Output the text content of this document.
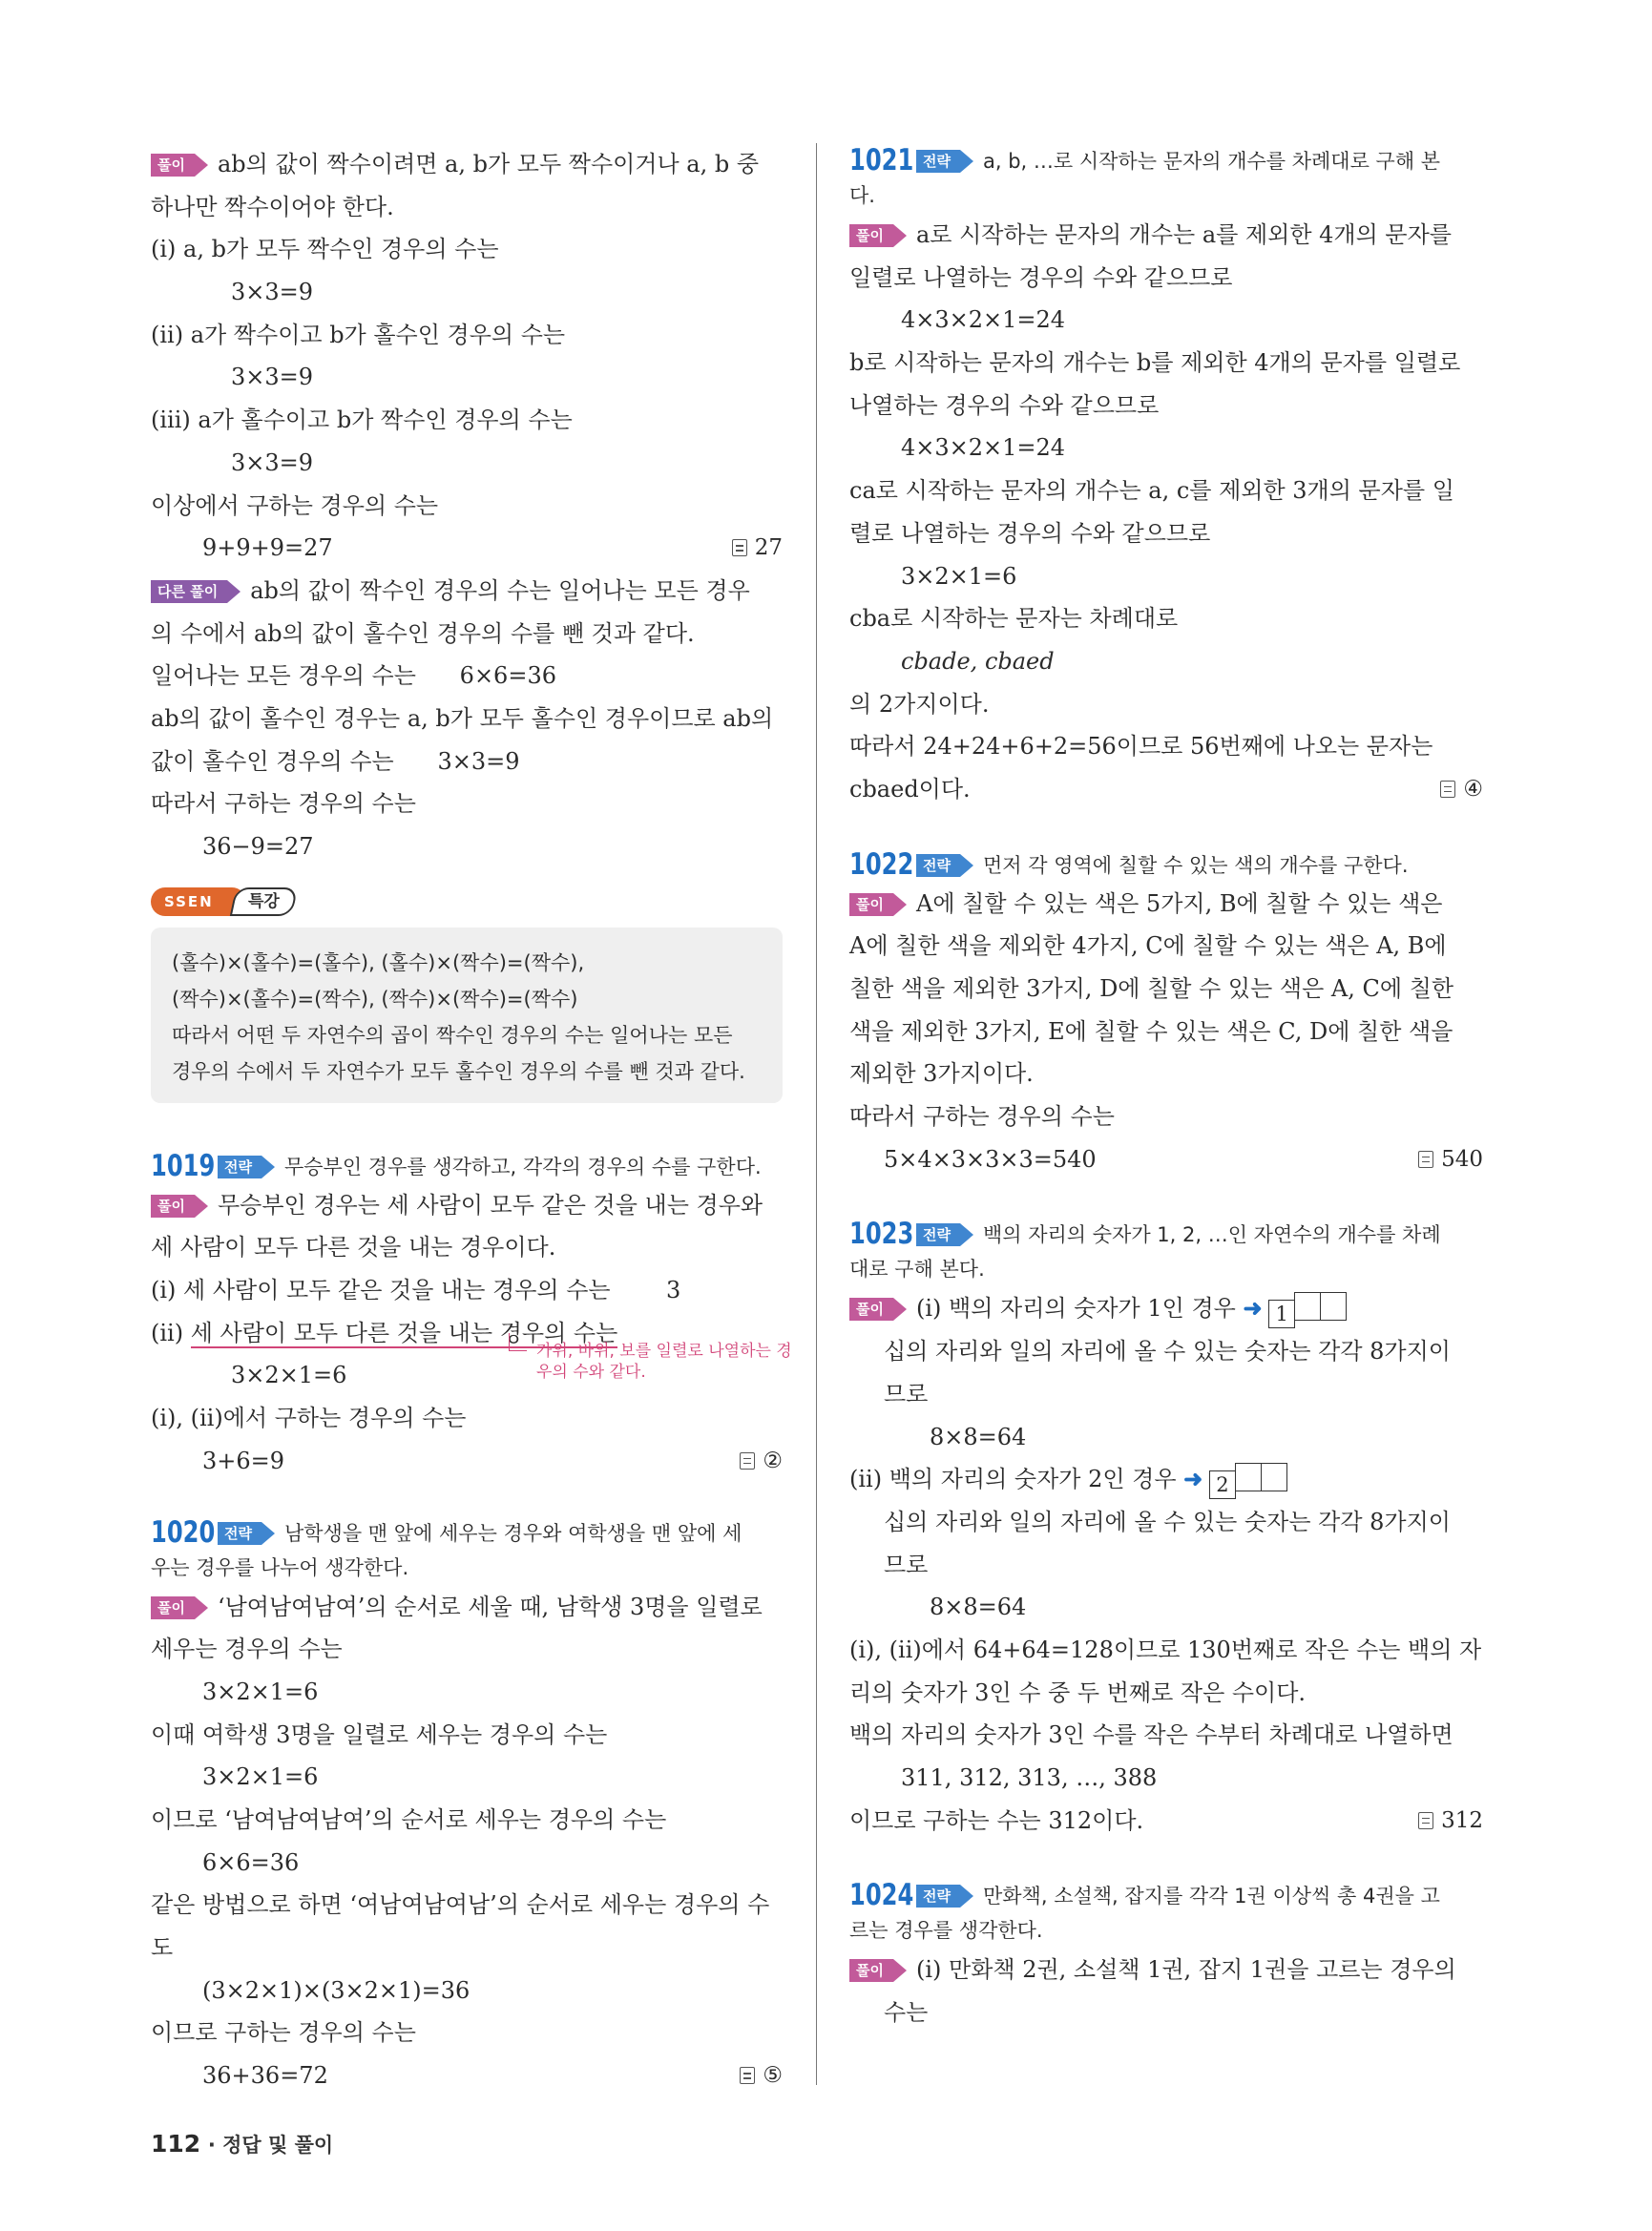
풀이 ab의 값이 짝수이려면 a, b가 모두 짝수이거나 a, b 중
하나만 짝수이어야 한다.
(ⅰ) a, b가 모두 짝수인 경우의 수는
3×3=9
(ⅱ) a가 짝수이고 b가 홀수인 경우의 수는
3×3=9
(ⅲ) a가 홀수이고 b가 짝수인 경우의 수는
3×3=9
이상에서 구하는 경우의 수는
9+9+9=27	27
다른 풀이 ab의 값이 짝수인 경우의 수는 일어나는 모든 경우
의 수에서 ab의 값이 홀수인 경우의 수를 뺀 것과 같다.
일어나는 모든 경우의 수는      6×6=36
ab의 값이 홀수인 경우는 a, b가 모두 홀수인 경우이므로 ab의
값이 홀수인 경우의 수는      3×3=9
따라서 구하는 경우의 수는
36−9=27
SSEN	특강
(홀수)×(홀수)=(홀수), (홀수)×(짝수)=(짝수),
(짝수)×(홀수)=(짝수), (짝수)×(짝수)=(짝수)
따라서 어떤 두 자연수의 곱이 짝수인 경우의 수는 일어나는 모든
경우의 수에서 두 자연수가 모두 홀수인 경우의 수를 뺀 것과 같다.
1019 전략 무승부인 경우를 생각하고, 각각의 경우의 수를 구한다.
풀이 무승부인 경우는 세 사람이 모두 같은 것을 내는 경우와
세 사람이 모두 다른 것을 내는 경우이다.
(ⅰ) 세 사람이 모두 같은 것을 내는 경우의 수는 3
(ⅱ) 세 사람이 모두 다른 것을 내는 경우의 수는
가위, 바위, 보를 일렬로 나열하는 경우의 수와 같다.
3×2×1=6
(ⅰ), (ⅱ)에서 구하는 경우의 수는
3+6=9	②
1020 전략 남학생을 맨 앞에 세우는 경우와 여학생을 맨 앞에 세
우는 경우를 나누어 생각한다.
풀이 ‘남여남여남여’의 순서로 세울 때, 남학생 3명을 일렬로
세우는 경우의 수는
3×2×1=6
이때 여학생 3명을 일렬로 세우는 경우의 수는
3×2×1=6
이므로 ‘남여남여남여’의 순서로 세우는 경우의 수는
6×6=36
같은 방법으로 하면 ‘여남여남여남’의 순서로 세우는 경우의 수
도
(3×2×1)×(3×2×1)=36
이므로 구하는 경우의 수는
36+36=72	⑤
1021 전략 a, b, …로 시작하는 문자의 개수를 차례대로 구해 본
다.
풀이 a로 시작하는 문자의 개수는 a를 제외한 4개의 문자를
일렬로 나열하는 경우의 수와 같으므로
4×3×2×1=24
b로 시작하는 문자의 개수는 b를 제외한 4개의 문자를 일렬로
나열하는 경우의 수와 같으므로
4×3×2×1=24
ca로 시작하는 문자의 개수는 a, c를 제외한 3개의 문자를 일
렬로 나열하는 경우의 수와 같으므로
3×2×1=6
cba로 시작하는 문자는 차례대로
cbade, cbaed
의 2가지이다.
따라서 24+24+6+2=56이므로 56번째에 나오는 문자는
cbaed이다.	④
1022 전략 먼저 각 영역에 칠할 수 있는 색의 개수를 구한다.
풀이 A에 칠할 수 있는 색은 5가지, B에 칠할 수 있는 색은
A에 칠한 색을 제외한 4가지, C에 칠할 수 있는 색은 A, B에
칠한 색을 제외한 3가지, D에 칠할 수 있는 색은 A, C에 칠한
색을 제외한 3가지, E에 칠할 수 있는 색은 C, D에 칠한 색을
제외한 3가지이다.
따라서 구하는 경우의 수는
5×4×3×3×3=540	540
1023 전략 백의 자리의 숫자가 1, 2, …인 자연수의 개수를 차례
대로 구해 본다.
풀이 (ⅰ) 백의 자리의 숫자가 1인 경우 ➜ 1
십의 자리와 일의 자리에 올 수 있는 숫자는 각각 8가지이
므로
8×8=64
(ⅱ) 백의 자리의 숫자가 2인 경우 ➜ 2
십의 자리와 일의 자리에 올 수 있는 숫자는 각각 8가지이
므로
8×8=64
(ⅰ), (ⅱ)에서 64+64=128이므로 130번째로 작은 수는 백의 자
리의 숫자가 3인 수 중 두 번째로 작은 수이다.
백의 자리의 숫자가 3인 수를 작은 수부터 차례대로 나열하면
311, 312, 313, …, 388
이므로 구하는 수는 312이다.	312
1024 전략 만화책, 소설책, 잡지를 각각 1권 이상씩 총 4권을 고
르는 경우를 생각한다.
풀이 (ⅰ) 만화책 2권, 소설책 1권, 잡지 1권을 고르는 경우의
수는
112 · 정답 및 풀이
